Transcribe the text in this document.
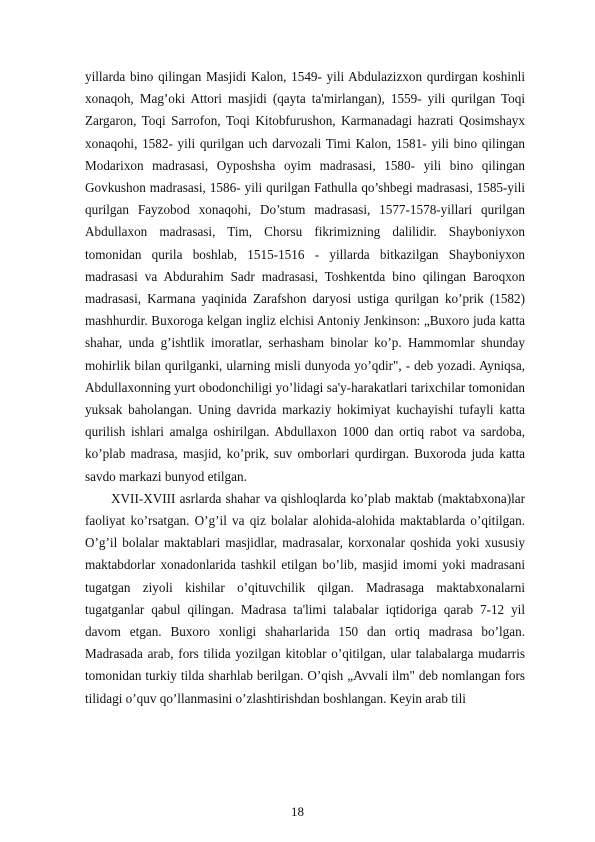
yillarda bino qilingan Masjidi Kalon, 1549- yili Abdulazizxon qurdirgan koshinli xonaqoh, Mag’oki Attori masjidi (qayta ta'mirlangan), 1559- yili qurilgan Toqi Zargaron, Toqi Sarrofon, Toqi Kitobfurushon, Karmanadagi hazrati Qosimshayx xonaqohi, 1582- yili qurilgan uch darvozali Timi Kalon, 1581- yili bino qilingan Modarixon madrasasi, Oyposhsha oyim madrasasi, 1580- yili bino qilingan Govkushon madrasasi, 1586- yili qurilgan Fathulla qo’shbegi madrasasi, 1585-yili qurilgan Fayzobod xonaqohi, Do’stum madrasasi, 1577-1578-yillari qurilgan Abdullaxon madrasasi, Tim, Chorsu fikrimizning dalilidir. Shayboniyxon tomonidan qurila boshlab, 1515-1516 - yillarda bitkazilgan Shayboniyxon madrasasi va Abdurahim Sadr madrasasi, Toshkentda bino qilingan Baroqxon madrasasi, Karmana yaqinida Zarafshon daryosi ustiga qurilgan ko’prik (1582) mashhurdir. Buxoroga kelgan ingliz elchisi Antoniy Jenkinson: „Buxoro juda katta shahar, unda g’ishtlik imoratlar, serhasham binolar ko’p. Hammomlar shunday mohirlik bilan qurilganki, ularning misli dunyoda yo’qdir", - deb yozadi. Ayniqsa, Abdullaxonning yurt obodonchiligi yo’lidagi sa'y-harakatlari tarixchilar tomonidan yuksak baholangan. Uning davrida markaziy hokimiyat kuchayishi tufayli katta qurilish ishlari amalga oshirilgan. Abdullaxon 1000 dan ortiq rabot va sardoba, ko’plab madrasa, masjid, ko’prik, suv omborlari qurdirgan. Buxoroda juda katta savdo markazi bunyod etilgan.

XVII-XVIII asrlarda shahar va qishloqlarda ko’plab maktab (maktabxona)lar faoliyat ko’rsatgan. O’g’il va qiz bolalar alohida-alohida maktablarda o’qitilgan. O’g’il bolalar maktablari masjidlar, madrasalar, korxonalar qoshida yoki xususiy maktabdorlar xonadonlarida tashkil etilgan bo’lib, masjid imomi yoki madrasani tugatgan ziyoli kishilar o’qituvchilik qilgan. Madrasaga maktabxonalarni tugatganlar qabul qilingan. Madrasa ta'limi talabalar iqtidoriga qarab 7-12 yil davom etgan. Buxoro xonligi shaharlarida 150 dan ortiq madrasa bo’lgan. Madrasada arab, fors tilida yozilgan kitoblar o’qitilgan, ular talabalarga mudarris tomonidan turkiy tilda sharhlab berilgan. O’qish „Avvali ilm" deb nomlangan fors tilidagi o’quv qo’llanmasini o’zlashtirishdan boshlangan. Keyin arab tili

18
